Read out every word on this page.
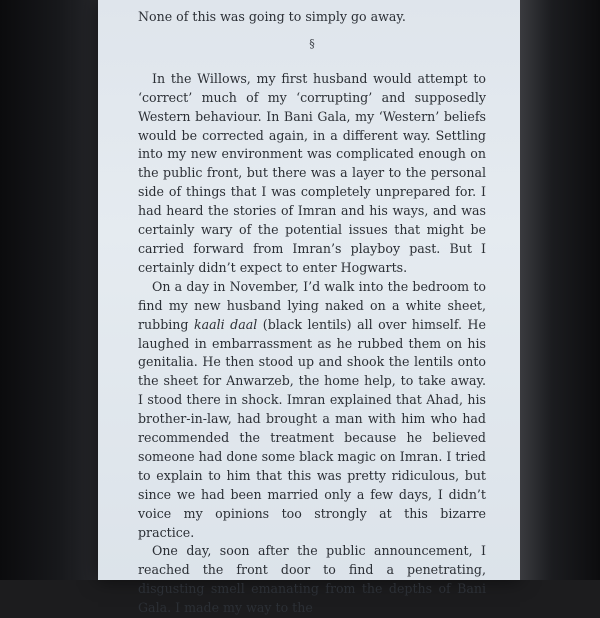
None of this was going to simply go away.

§

In the Willows, my first husband would attempt to ‘correct’ much of my ‘corrupting’ and supposedly Western behaviour. In Bani Gala, my ‘Western’ beliefs would be corrected again, in a different way. Settling into my new environment was complicated enough on the public front, but there was a layer to the personal side of things that I was completely unprepared for. I had heard the stories of Imran and his ways, and was certainly wary of the potential issues that might be carried forward from Imran’s playboy past. But I certainly didn’t expect to enter Hogwarts.

On a day in November, I’d walk into the bedroom to find my new husband lying naked on a white sheet, rubbing kaali daal (black lentils) all over himself. He laughed in embarrassment as he rubbed them on his genitalia. He then stood up and shook the lentils onto the sheet for Anwarzeb, the home help, to take away. I stood there in shock. Imran explained that Ahad, his brother-in-law, had brought a man with him who had recommended the treatment because he believed someone had done some black magic on Imran. I tried to explain to him that this was pretty ridiculous, but since we had been married only a few days, I didn’t voice my opinions too strongly at this bizarre practice.

One day, soon after the public announcement, I reached the front door to find a penetrating, disgusting smell emanating from the depths of Bani Gala. I made my way to the
